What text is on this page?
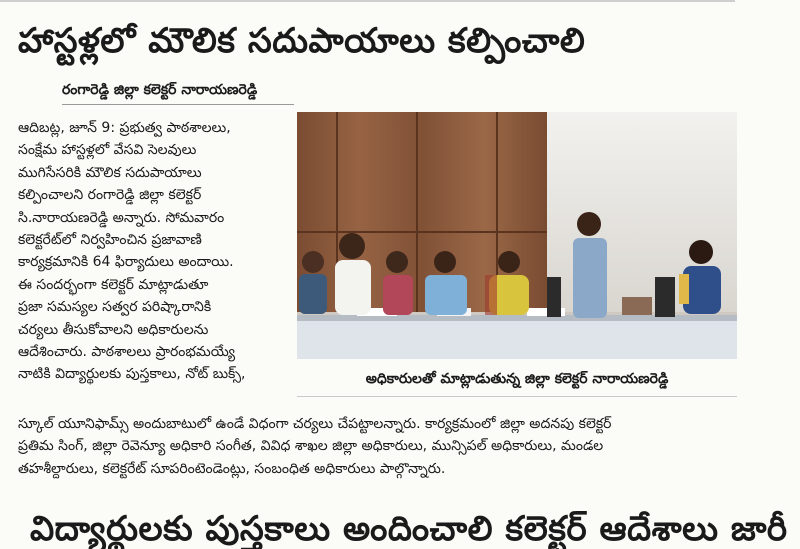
హాస్టళ్లలో మౌలిక సదుపాయాలు కల్పించాలి
రంగారెడ్డి జిల్లా కలెక్టర్ నారాయణరెడ్డి

ఆదిబట్ల, జూన్ 9: ప్రభుత్వ పాఠశాలలు,

సంక్షేమ హాస్టళ్లలో వేసవి సెలవులు

ముగిసేసరికి మౌలిక సదుపాయాలు

కల్పించాలని రంగారెడ్డి జిల్లా కలెక్టర్

సి.నారాయణరెడ్డి అన్నారు. సోమవారం

కలెక్టరేట్‌లో నిర్వహించిన ప్రజావాణి

కార్యక్రమానికి 64 ఫిర్యాదులు అందాయి.

ఈ సందర్భంగా కలెక్టర్ మాట్లాడుతూ

ప్రజా సమస్యల సత్వర పరిష్కారానికి

చర్యలు తీసుకోవాలని అధికారులను

ఆదేశించారు. పాఠశాలలు ప్రారంభమయ్యే

నాటికి విద్యార్థులకు పుస్తకాలు, నోట్ బుక్స్,	అధికారులతో మాట్లాడుతున్న జిల్లా కలెక్టర్ నారాయణరెడ్డి

స్కూల్ యూనిఫామ్స్ అందుబాటులో ఉండే విధంగా చర్యలు చేపట్టాలన్నారు. కార్యక్రమంలో జిల్లా అదనపు కలెక్టర్

ప్రతిమ సింగ్, జిల్లా రెవెన్యూ అధికారి సంగీత, వివిధ శాఖల జిల్లా అధికారులు, మున్సిపల్ అధికారులు, మండల

తహశీల్దారులు, కలెక్టరేట్ సూపరింటెండెంట్లు, సంబంధిత అధికారులు పాల్గొన్నారు.

విద్యార్థులకు పుస్తకాలు అందించాలి కలెక్టర్ ఆదేశాలు జారీ
